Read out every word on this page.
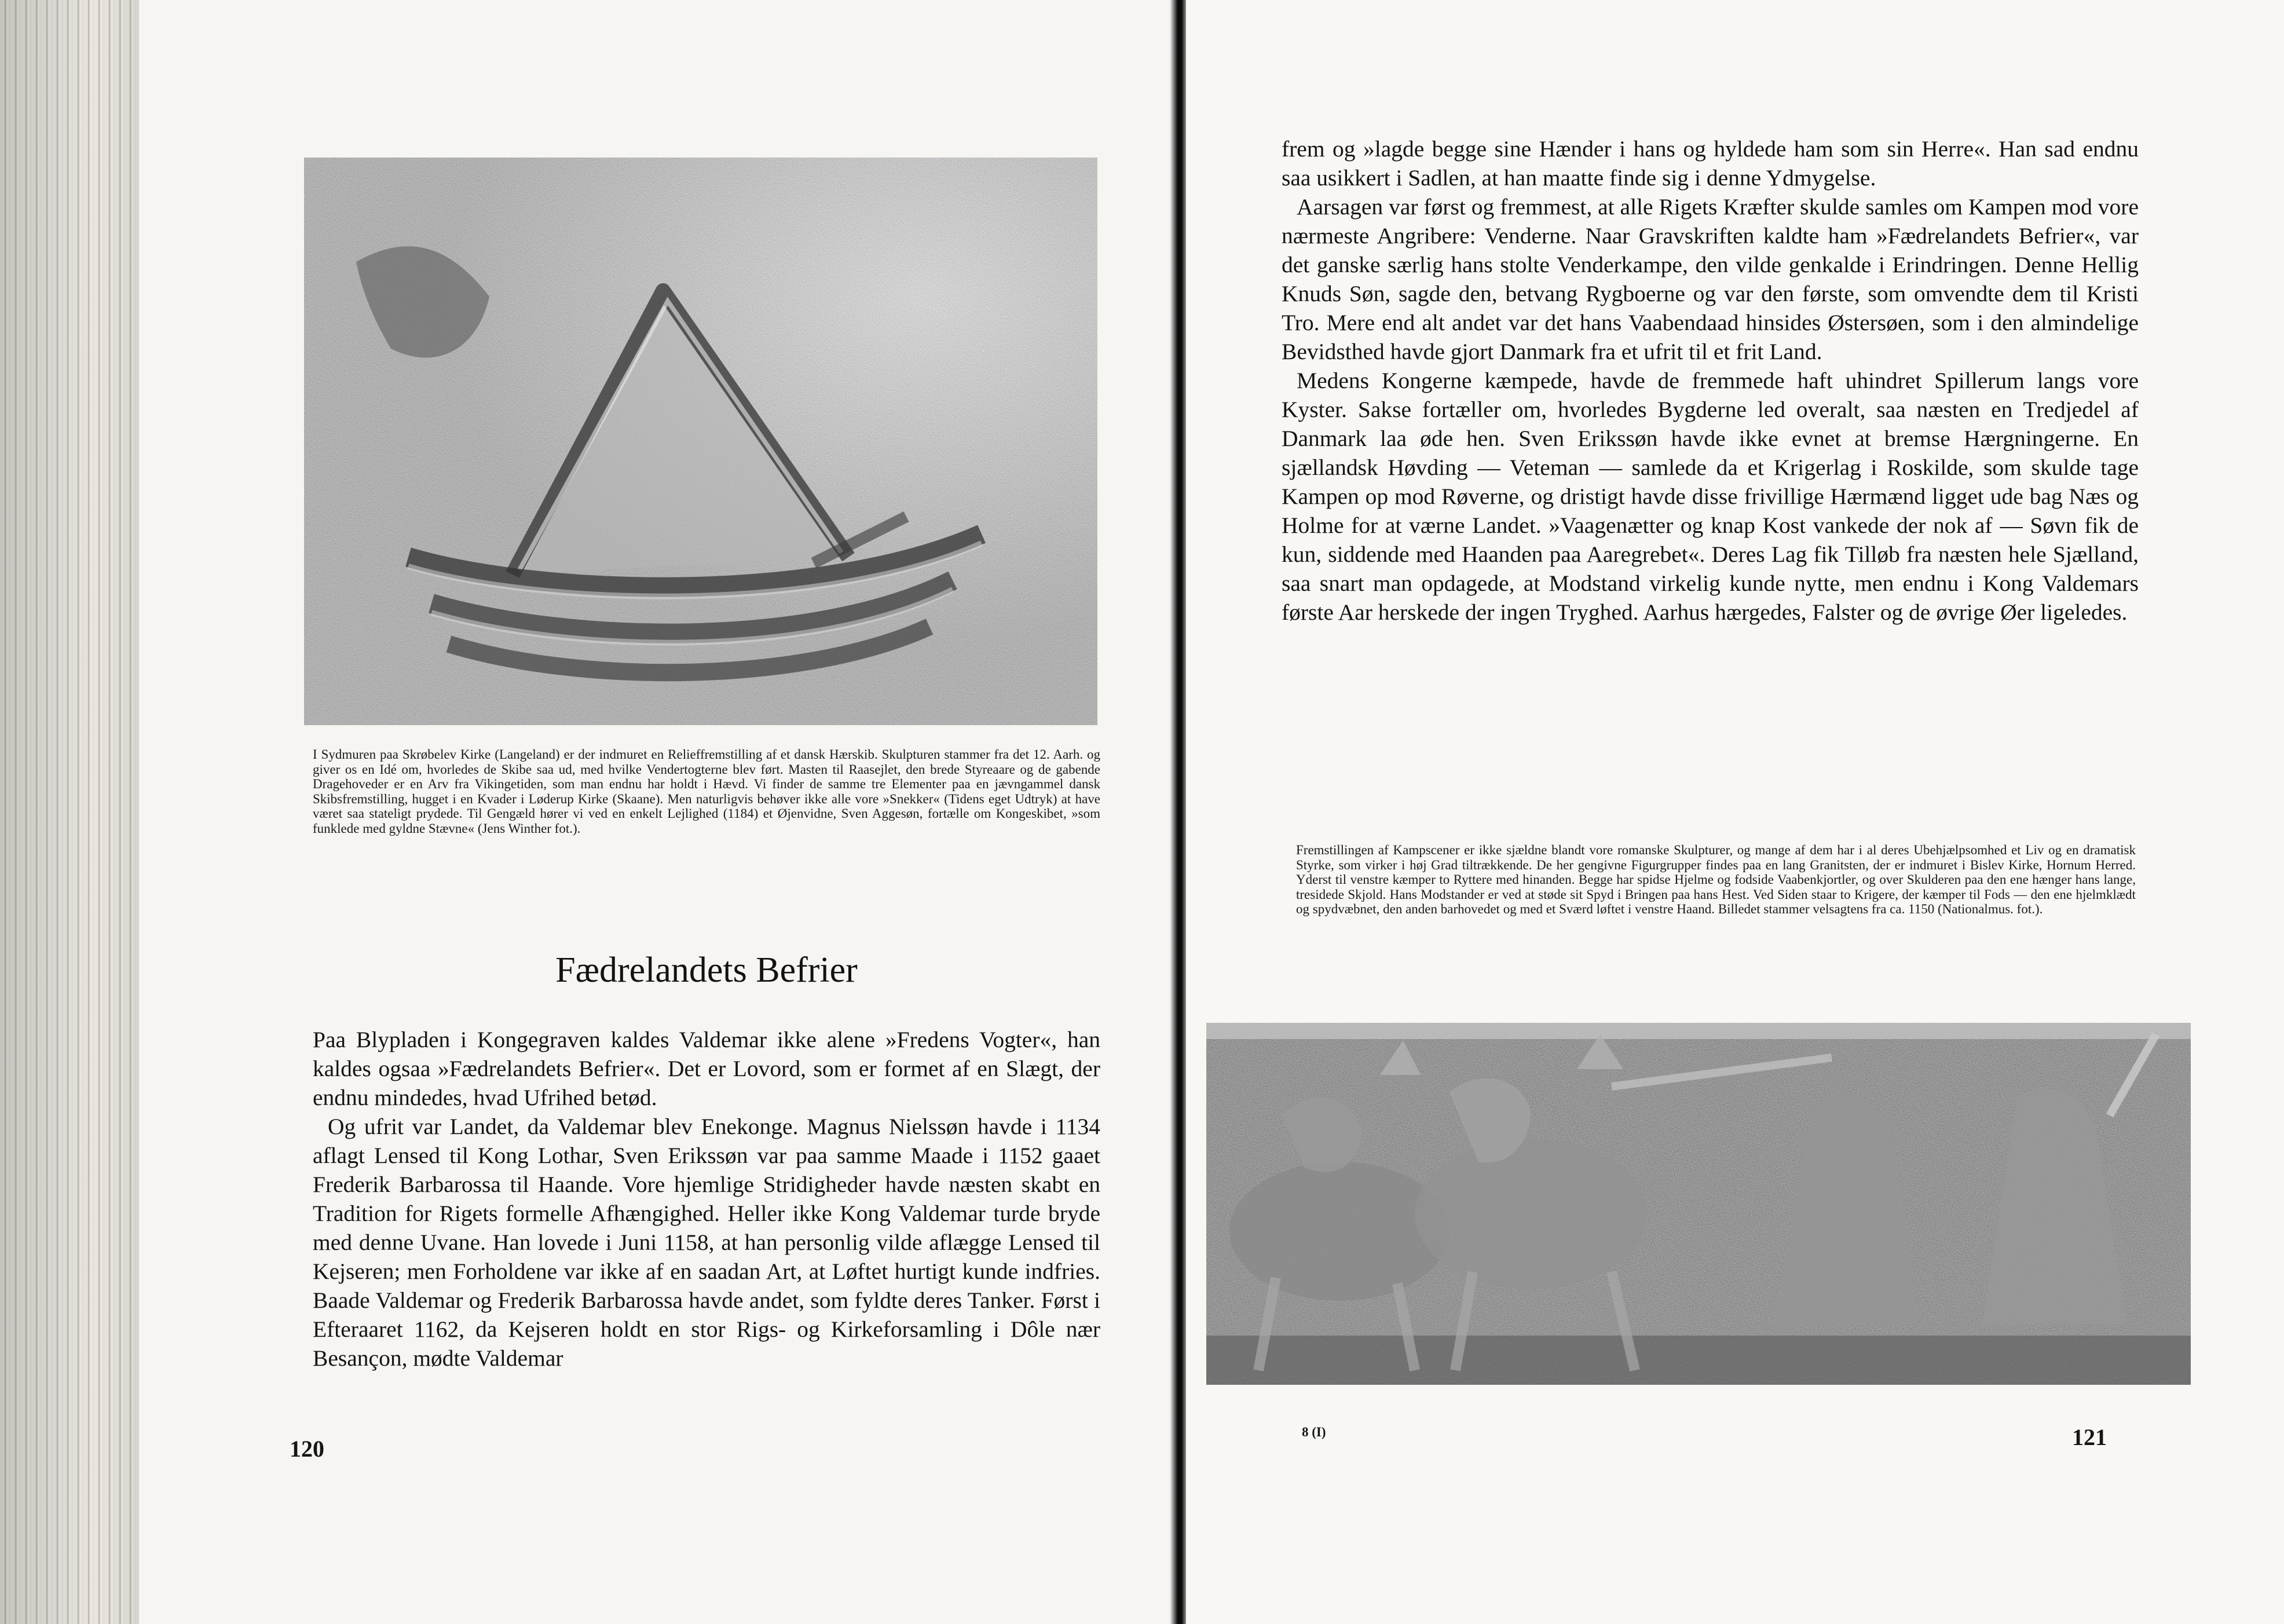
I Sydmuren paa Skrøbelev Kirke (Langeland) er der indmuret en Relieffremstilling af et dansk Hærskib. Skulpturen stammer fra det 12. Aarh. og giver os en Idé om, hvorledes de Skibe saa ud, med hvilke Vendertogterne blev ført. Masten til Raasejlet, den brede Styreaare og de gabende Dragehoveder er en Arv fra Vikingetiden, som man endnu har holdt i Hævd. Vi finder de samme tre Elementer paa en jævngammel dansk Skibsfremstilling, hugget i en Kvader i Løderup Kirke (Skaane). Men naturligvis behøver ikke alle vore »Snekker« (Tidens eget Udtryk) at have været saa stateligt prydede. Til Gengæld hører vi ved en enkelt Lejlighed (1184) et Øjenvidne, Sven Aggesøn, fortælle om Kongeskibet, »som funklede med gyldne Stævne« (Jens Winther fot.).

Fædrelandets Befrier

Paa Blypladen i Kongegraven kaldes Valdemar ikke alene »Fredens Vogter«, han kaldes ogsaa »Fædrelandets Befrier«. Det er Lovord, som er formet af en Slægt, der endnu mindedes, hvad Ufrihed betød.

Og ufrit var Landet, da Valdemar blev Enekonge. Magnus Nielssøn havde i 1134 aflagt Lensed til Kong Lothar, Sven Erikssøn var paa samme Maade i 1152 gaaet Frederik Barbarossa til Haande. Vore hjemlige Stridigheder havde næsten skabt en Tradition for Rigets formelle Afhængighed. Heller ikke Kong Valdemar turde bryde med denne Uvane. Han lovede i Juni 1158, at han personlig vilde aflægge Lensed til Kejseren; men Forholdene var ikke af en saadan Art, at Løftet hurtigt kunde indfries. Baade Valdemar og Frederik Barbarossa havde andet, som fyldte deres Tanker. Først i Efteraaret 1162, da Kejseren holdt en stor Rigs- og Kirkeforsamling i Dôle nær Besançon, mødte Valdemar

120

frem og »lagde begge sine Hænder i hans og hyldede ham som sin Herre«. Han sad endnu saa usikkert i Sadlen, at han maatte finde sig i denne Ydmygelse.

Aarsagen var først og fremmest, at alle Rigets Kræfter skulde samles om Kampen mod vore nærmeste Angribere: Venderne. Naar Gravskriften kaldte ham »Fædrelandets Befrier«, var det ganske særlig hans stolte Venderkampe, den vilde genkalde i Erindringen. Denne Hellig Knuds Søn, sagde den, betvang Rygboerne og var den første, som omvendte dem til Kristi Tro. Mere end alt andet var det hans Vaabendaad hinsides Østersøen, som i den almindelige Bevidsthed havde gjort Danmark fra et ufrit til et frit Land.

Medens Kongerne kæmpede, havde de fremmede haft uhindret Spillerum langs vore Kyster. Sakse fortæller om, hvorledes Bygderne led overalt, saa næsten en Tredjedel af Danmark laa øde hen. Sven Erikssøn havde ikke evnet at bremse Hærgningerne. En sjællandsk Høvding — Veteman — samlede da et Krigerlag i Roskilde, som skulde tage Kampen op mod Røverne, og dristigt havde disse frivillige Hærmænd ligget ude bag Næs og Holme for at værne Landet. »Vaagenætter og knap Kost vankede der nok af — Søvn fik de kun, siddende med Haanden paa Aaregrebet«. Deres Lag fik Tilløb fra næsten hele Sjælland, saa snart man opdagede, at Modstand virkelig kunde nytte, men endnu i Kong Valdemars første Aar herskede der ingen Tryghed. Aarhus hærgedes, Falster og de øvrige Øer ligeledes.

Fremstillingen af Kampscener er ikke sjældne blandt vore romanske Skulpturer, og mange af dem har i al deres Ubehjælpsomhed et Liv og en dramatisk Styrke, som virker i høj Grad tiltrækkende. De her gengivne Figurgrupper findes paa en lang Granitsten, der er indmuret i Bislev Kirke, Hornum Herred. Yderst til venstre kæmper to Ryttere med hinanden. Begge har spidse Hjelme og fodside Vaabenkjortler, og over Skulderen paa den ene hænger hans lange, tresidede Skjold. Hans Modstander er ved at støde sit Spyd i Bringen paa hans Hest. Ved Siden staar to Krigere, der kæmper til Fods — den ene hjelmklædt og spydvæbnet, den anden barhovedet og med et Sværd løftet i venstre Haand. Billedet stammer velsagtens fra ca. 1150 (Nationalmus. fot.).

8 (I)	121
